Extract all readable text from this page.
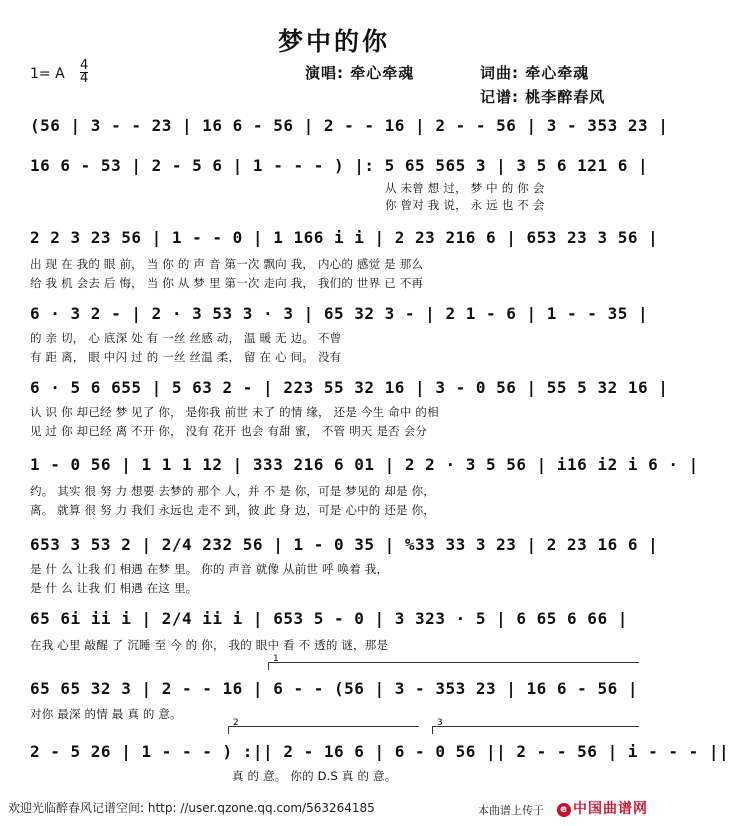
梦中的你
1= A $\frac{4}{4}$	演唱: 牵心牵魂	词曲: 牵心牵魂
记谱: 桃李醉春风
(56 | 3 - - 23 | 16 6 - 56 | 2 - - 16 | 2 - - 56 | 3 - 353 23 |
16 6 - 53 | 2 - 5 6 | 1 - - - ) |: 5 65 565 3 | 3 5 6 121 6 |
从 未曾 想 过， 梦 中 的 你 会
你 曾对 我 说， 永 远 也 不 会
2 2 3 23 56 | 1 - - 0 | 1 166 i i | 2 23 216 6 | 653 23 3 56 |
出 现 在 我的 眼 前， 当 你 的 声 音 第一次 飘向 我， 内心的 感觉 是 那么
给 我 机 会去 后 悔， 当 你 从 梦 里 第一次 走向 我， 我们的 世界 已 不再
6 · 3 2 - | 2 · 3 53 3 · 3 | 65 32 3 - | 2 1 - 6 | 1 - - 35 |
的 亲 切， 心 底深 处 有 一丝 丝感 动， 温 暖 无 边。 不曾
有 距 离， 眼 中闪 过 的 一丝 丝温 柔， 留 在 心 间。 没有
6 · 5 6 655 | 5 63 2 - | 223 55 32 16 | 3 - 0 56 | 55 5 32 16 |
认 识 你 却已经 梦 见了 你， 是你我 前世 未了 的情 缘， 还是 今生 命中 的相
见 过 你 却已经 离 不开 你， 没有 花开 也会 有甜 蜜， 不管 明天 是否 会分
1 - 0 56 | 1 1 1 12 | 333 216 6 01 | 2 2 · 3 5 56 | i16 i2 i 6 · |
约。 其实 很 努 力 想要 去梦的 那个 人，并 不 是 你，可是 梦见的 却是 你，
离。 就算 很 努 力 我们 永远也 走不 到，彼 此 身 边，可是 心中的 还是 你，
653 3 53 2 | 2/4 232 56 | 1 - 0 35 | %33 33 3 23 | 2 23 16 6 |
是 什 么 让我 们 相遇 在梦 里。 你的 声音 就像 从前世 呼 唤着 我，
是 什 么 让我 们 相遇 在这 里。
65 6i ii i | 2/4 ii i | 653 5 - 0 | 3 323 · 5 | 6 65 6 66 |
在我 心里 敲醒 了 沉睡 至 今 的 你， 我的 眼中 看 不 透的 谜，那是
1
65 65 32 3 | 2 - - 16 | 6 - - (56 | 3 - 353 23 | 16 6 - 56 |
对你 最深 的情 最 真 的 意。
2	3
2 - 5 26 | 1 - - - ) :|| 2 - 16 6 | 6 - 0 56 || 2 - - 56 | i - - - ||
真 的 意。 你的 D.S 真 的 意。
欢迎光临醉春风记谱空间: http: //user.qzone.qq.com/563264185	本曲谱上传于	e 中国曲谱网
